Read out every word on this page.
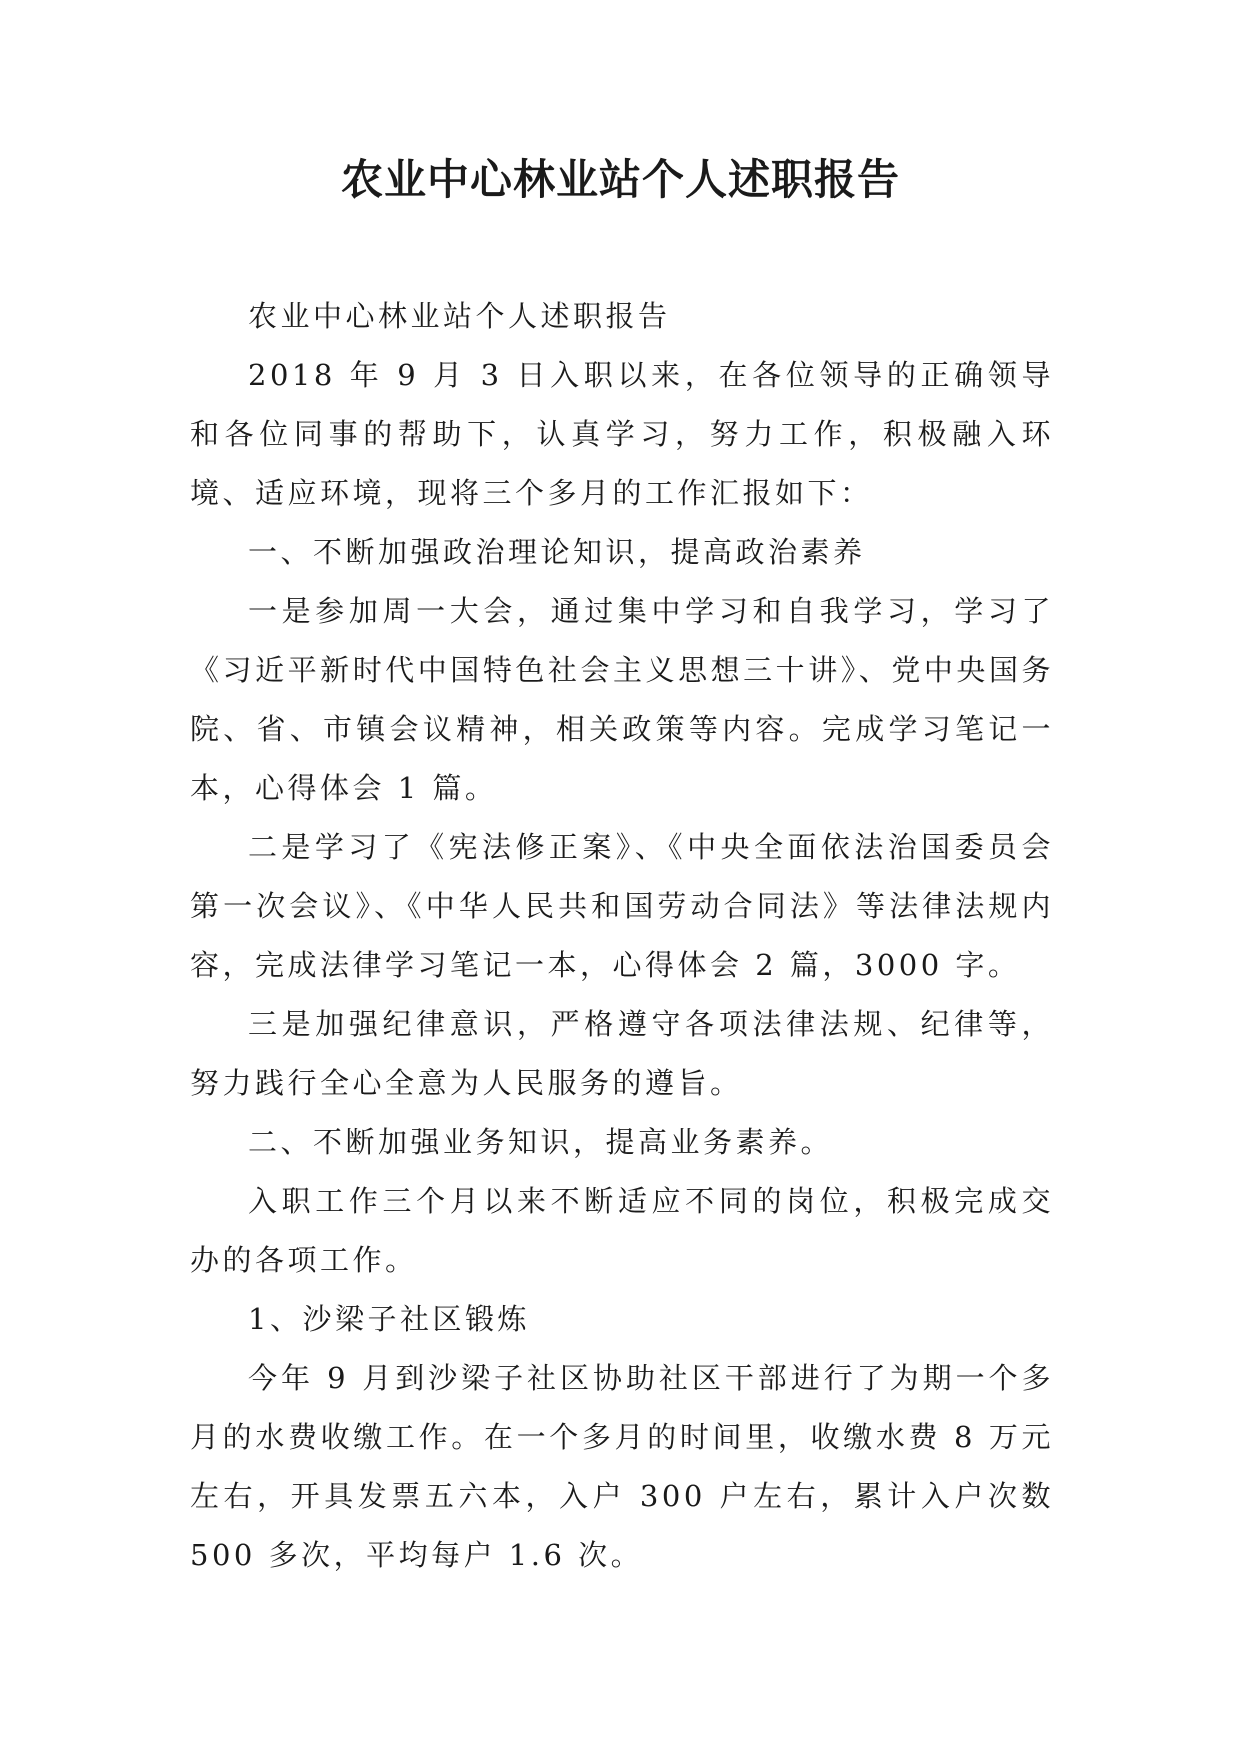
农业中心林业站个人述职报告

农业中心林业站个人述职报告

2018 年 9 月 3 日入职以来，在各位领导的正确领导和各位同事的帮助下，认真学习，努力工作，积极融入环境、适应环境，现将三个多月的工作汇报如下：

一、不断加强政治理论知识，提高政治素养

一是参加周一大会，通过集中学习和自我学习，学习了《习近平新时代中国特色社会主义思想三十讲》、党中央国务院、省、市镇会议精神，相关政策等内容。完成学习笔记一本，心得体会 1 篇。

二是学习了《宪法修正案》、《中央全面依法治国委员会第一次会议》、《中华人民共和国劳动合同法》等法律法规内容，完成法律学习笔记一本，心得体会 2 篇，3000 字。

三是加强纪律意识，严格遵守各项法律法规、纪律等，努力践行全心全意为人民服务的遵旨。

二、不断加强业务知识，提高业务素养。

入职工作三个月以来不断适应不同的岗位，积极完成交办的各项工作。

1、沙梁子社区锻炼

今年 9 月到沙梁子社区协助社区干部进行了为期一个多月的水费收缴工作。在一个多月的时间里，收缴水费 8 万元左右，开具发票五六本，入户 300 户左右，累计入户次数 500 多次，平均每户 1.6 次。
